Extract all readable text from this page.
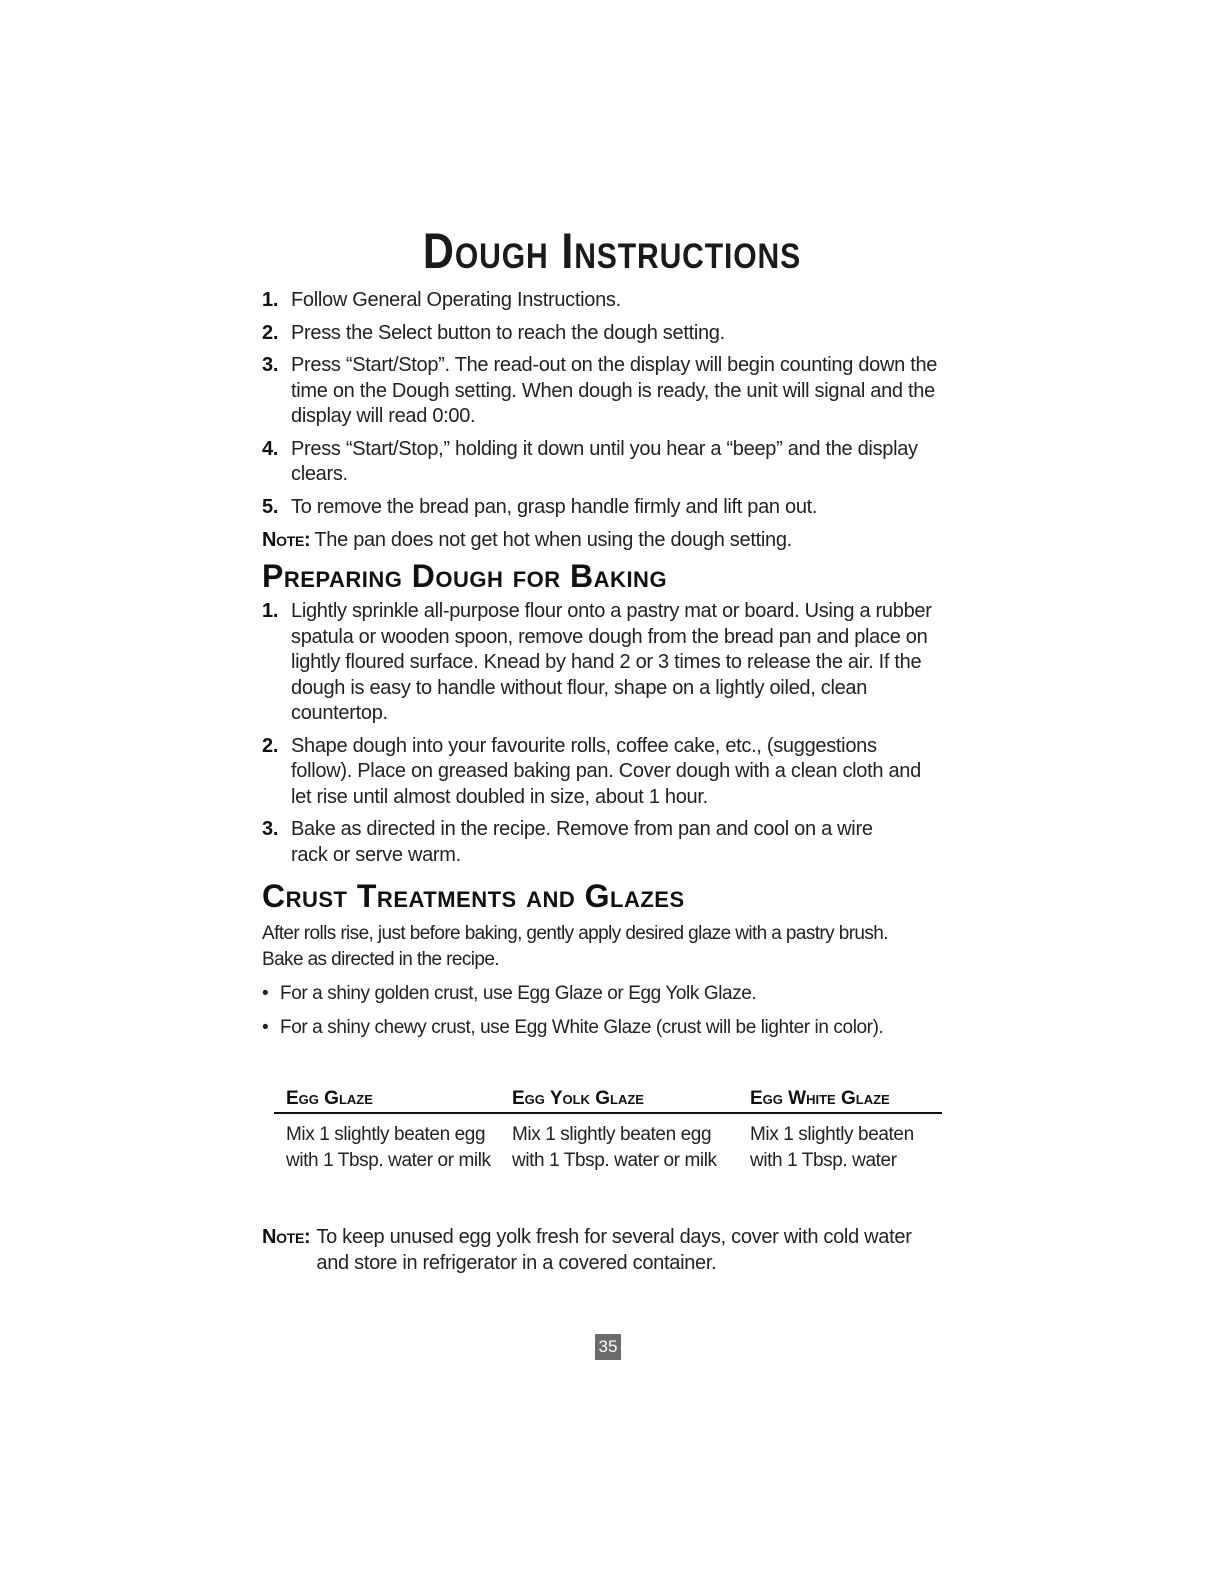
Dough Instructions
1. Follow General Operating Instructions.
2. Press the Select button to reach the dough setting.
3. Press “Start/Stop”. The read-out on the display will begin counting down the time on the Dough setting. When dough is ready, the unit will signal and the display will read 0:00.
4. Press “Start/Stop,” holding it down until you hear a “beep” and the display clears.
5. To remove the bread pan, grasp handle firmly and lift pan out.
Note: The pan does not get hot when using the dough setting.
Preparing Dough for Baking
1. Lightly sprinkle all-purpose flour onto a pastry mat or board. Using a rubber spatula or wooden spoon, remove dough from the bread pan and place on lightly floured surface. Knead by hand 2 or 3 times to release the air. If the dough is easy to handle without flour, shape on a lightly oiled, clean countertop.
2. Shape dough into your favourite rolls, coffee cake, etc., (suggestions follow). Place on greased baking pan. Cover dough with a clean cloth and let rise until almost doubled in size, about 1 hour.
3. Bake as directed in the recipe. Remove from pan and cool on a wire rack or serve warm.
Crust Treatments and Glazes

After rolls rise, just before baking, gently apply desired glaze with a pastry brush. Bake as directed in the recipe.

• For a shiny golden crust, use Egg Glaze or Egg Yolk Glaze.
• For a shiny chewy crust, use Egg White Glaze (crust will be lighter in color).
Egg Glaze	Egg Yolk Glaze	Egg White Glaze
Mix 1 slightly beaten egg
with 1 Tbsp. water or milk
Mix 1 slightly beaten egg
with 1 Tbsp. water or milk
Mix 1 slightly beaten
with 1 Tbsp. water
Note: To keep unused egg yolk fresh for several days, cover with cold water and store in refrigerator in a covered container.
35
